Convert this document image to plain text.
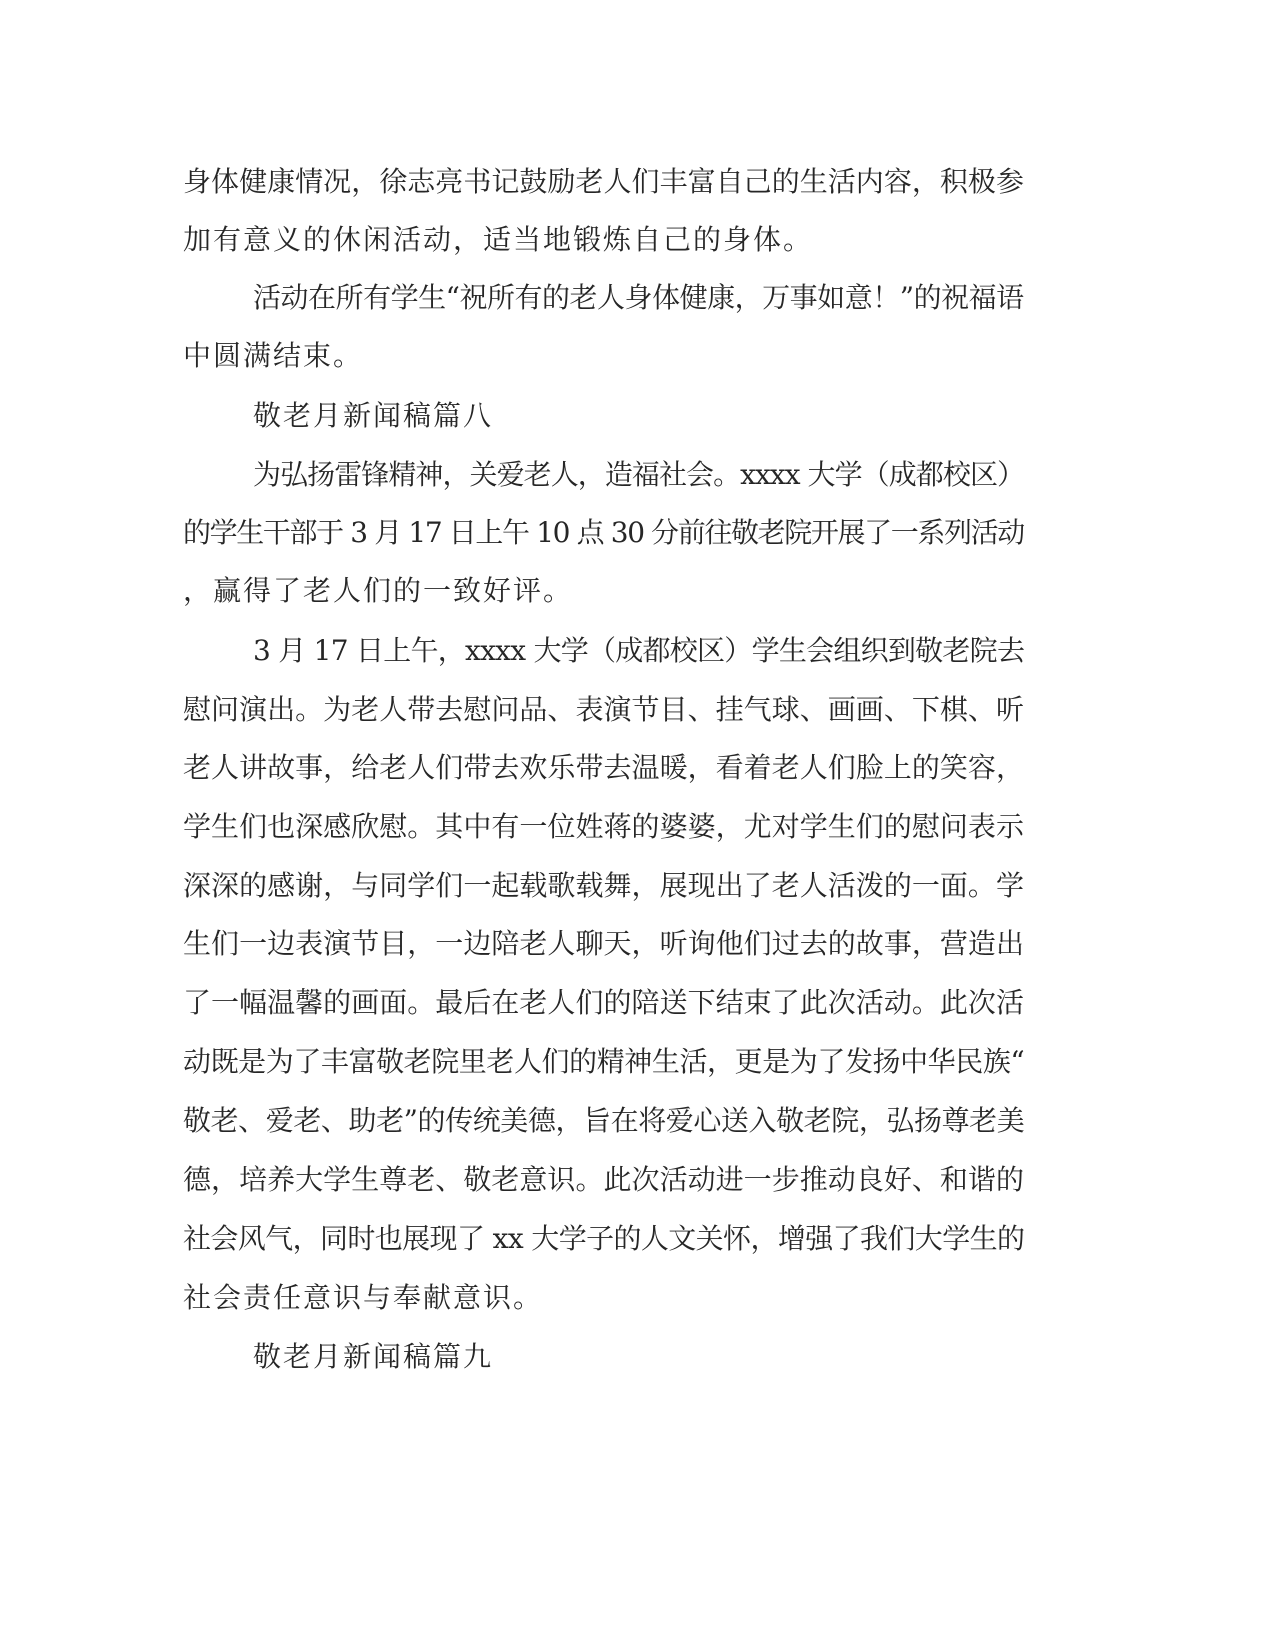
身体健康情况，徐志亮书记鼓励老人们丰富自己的生活内容，积极参
加有意义的休闲活动，适当地锻炼自己的身体。
活动在所有学生“祝所有的老人身体健康，万事如意！”的祝福语
中圆满结束。
敬老月新闻稿篇八
为弘扬雷锋精神，关爱老人，造福社会。xxxx 大学（成都校区）
的学生干部于 3 月 17 日上午 10 点 30 分前往敬老院开展了一系列活动
，赢得了老人们的一致好评。
3 月 17 日上午，xxxx 大学（成都校区）学生会组织到敬老院去
慰问演出。为老人带去慰问品、表演节目、挂气球、画画、下棋、听
老人讲故事，给老人们带去欢乐带去温暖，看着老人们脸上的笑容，
学生们也深感欣慰。其中有一位姓蒋的婆婆，尤对学生们的慰问表示
深深的感谢，与同学们一起载歌载舞，展现出了老人活泼的一面。学
生们一边表演节目，一边陪老人聊天，听询他们过去的故事，营造出
了一幅温馨的画面。最后在老人们的陪送下结束了此次活动。此次活
动既是为了丰富敬老院里老人们的精神生活，更是为了发扬中华民族“
敬老、爱老、助老”的传统美德，旨在将爱心送入敬老院，弘扬尊老美
德，培养大学生尊老、敬老意识。此次活动进一步推动良好、和谐的
社会风气，同时也展现了 xx 大学子的人文关怀，增强了我们大学生的
社会责任意识与奉献意识。
敬老月新闻稿篇九
